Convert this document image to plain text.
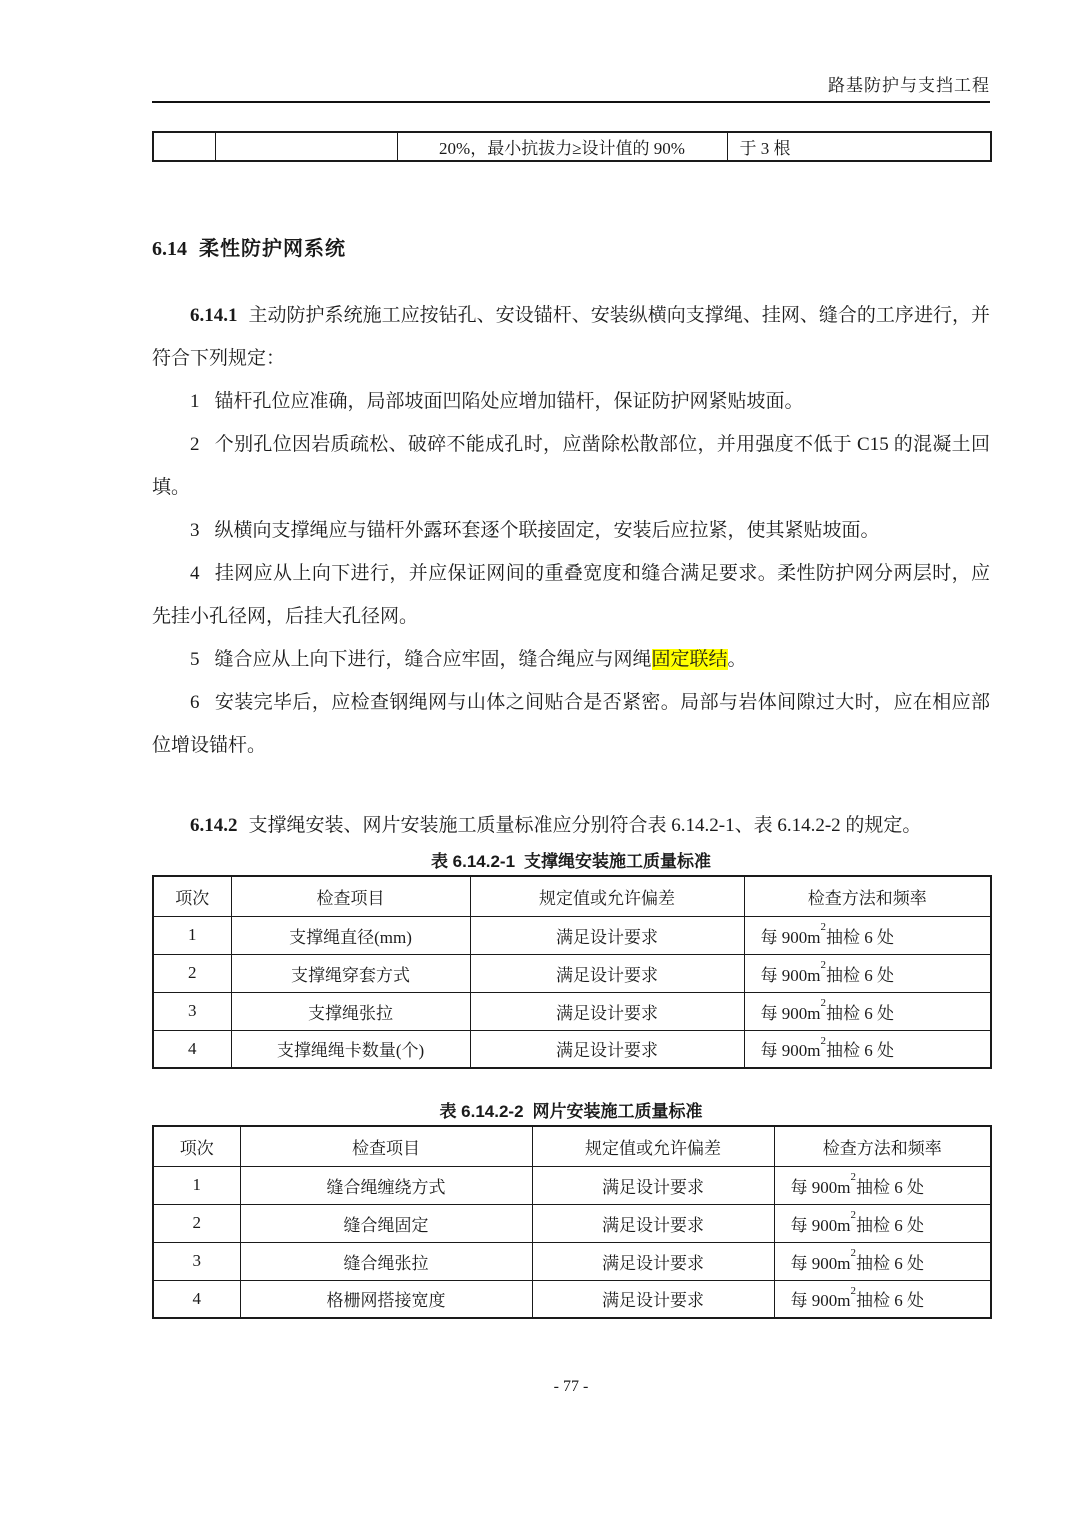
路基防护与支挡工程
		20%，最小抗拔力≥设计值的 90%	于 3 根
6.14 柔性防护网系统

6.14.1 主动防护系统施工应按钻孔、安设锚杆、安装纵横向支撑绳、挂网、缝合的工序进行，并符合下列规定：

1 锚杆孔位应准确，局部坡面凹陷处应增加锚杆，保证防护网紧贴坡面。

2 个别孔位因岩质疏松、破碎不能成孔时，应凿除松散部位，并用强度不低于 C15 的混凝土回填。

3 纵横向支撑绳应与锚杆外露环套逐个联接固定，安装后应拉紧，使其紧贴坡面。

4 挂网应从上向下进行，并应保证网间的重叠宽度和缝合满足要求。柔性防护网分两层时，应先挂小孔径网，后挂大孔径网。

5 缝合应从上向下进行，缝合应牢固，缝合绳应与网绳固定联结。

6 安装完毕后，应检查钢绳网与山体之间贴合是否紧密。局部与岩体间隙过大时，应在相应部位增设锚杆。

6.14.2 支撑绳安装、网片安装施工质量标准应分别符合表 6.14.2-1、表 6.14.2-2 的规定。

表 6.14.2-1 支撑绳安装施工质量标准
项次	检查项目	规定值或允许偏差	检查方法和频率
1	支撑绳直径(mm)	满足设计要求	每 $900m^2$抽检 6 处
2	支撑绳穿套方式	满足设计要求	每 $900m^2$抽检 6 处
3	支撑绳张拉	满足设计要求	每 $900m^2$抽检 6 处
4	支撑绳绳卡数量(个)	满足设计要求	每 $900m^2$抽检 6 处
表 6.14.2-2 网片安装施工质量标准
项次	检查项目	规定值或允许偏差	检查方法和频率
1	缝合绳缠绕方式	满足设计要求	每 $900m^2$抽检 6 处
2	缝合绳固定	满足设计要求	每 $900m^2$抽检 6 处
3	缝合绳张拉	满足设计要求	每 $900m^2$抽检 6 处
4	格栅网搭接宽度	满足设计要求	每 $900m^2$抽检 6 处
- 77 -
